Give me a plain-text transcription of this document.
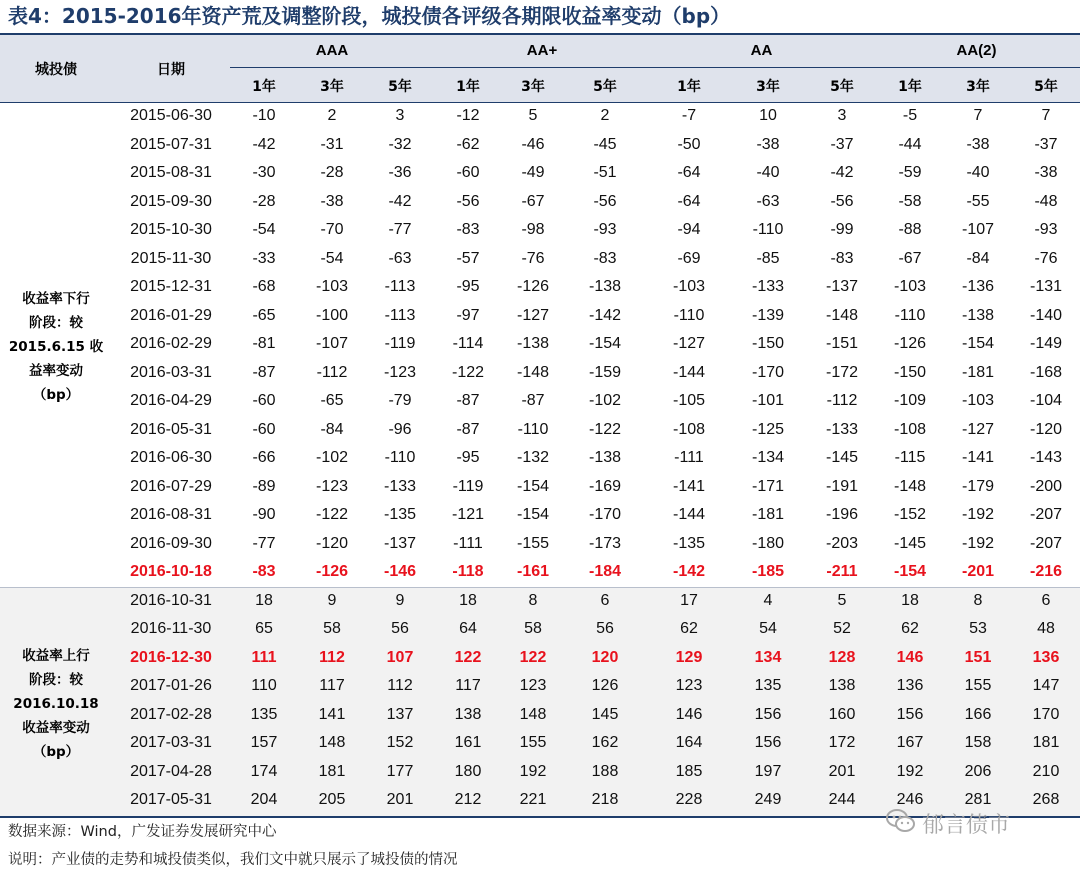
表4：2015-2016年资产荒及调整阶段，城投债各评级各期限收益率变动（bp）
城投债	日期
AAA	AA+	AA	AA(2)
1年	3年	5年	1年	3年	5年	1年	3年	5年	1年	3年	5年
收益率下行
阶段：较
2015.6.15 收
益率变动
（bp）
2015-06-30	-10	2	3	-12	5	2	-7	10	3	-5	7	7
2015-07-31	-42	-31	-32	-62	-46	-45	-50	-38	-37	-44	-38	-37
2015-08-31	-30	-28	-36	-60	-49	-51	-64	-40	-42	-59	-40	-38
2015-09-30	-28	-38	-42	-56	-67	-56	-64	-63	-56	-58	-55	-48
2015-10-30	-54	-70	-77	-83	-98	-93	-94	-110	-99	-88	-107	-93
2015-11-30	-33	-54	-63	-57	-76	-83	-69	-85	-83	-67	-84	-76
2015-12-31	-68	-103	-113	-95	-126	-138	-103	-133	-137	-103	-136	-131
2016-01-29	-65	-100	-113	-97	-127	-142	-110	-139	-148	-110	-138	-140
2016-02-29	-81	-107	-119	-114	-138	-154	-127	-150	-151	-126	-154	-149
2016-03-31	-87	-112	-123	-122	-148	-159	-144	-170	-172	-150	-181	-168
2016-04-29	-60	-65	-79	-87	-87	-102	-105	-101	-112	-109	-103	-104
2016-05-31	-60	-84	-96	-87	-110	-122	-108	-125	-133	-108	-127	-120
2016-06-30	-66	-102	-110	-95	-132	-138	-111	-134	-145	-115	-141	-143
2016-07-29	-89	-123	-133	-119	-154	-169	-141	-171	-191	-148	-179	-200
2016-08-31	-90	-122	-135	-121	-154	-170	-144	-181	-196	-152	-192	-207
2016-09-30	-77	-120	-137	-111	-155	-173	-135	-180	-203	-145	-192	-207
2016-10-18	-83	-126	-146	-118	-161	-184	-142	-185	-211	-154	-201	-216
收益率上行
阶段：较
2016.10.18
收益率变动
（bp）
2016-10-31	18	9	9	18	8	6	17	4	5	18	8	6
2016-11-30	65	58	56	64	58	56	62	54	52	62	53	48
2016-12-30	111	112	107	122	122	120	129	134	128	146	151	136
2017-01-26	110	117	112	117	123	126	123	135	138	136	155	147
2017-02-28	135	141	137	138	148	145	146	156	160	156	166	170
2017-03-31	157	148	152	161	155	162	164	156	172	167	158	181
2017-04-28	174	181	177	180	192	188	185	197	201	192	206	210
2017-05-31	204	205	201	212	221	218	228	249	244	246	281	268
数据来源：Wind，广发证券发展研究中心
说明：产业债的走势和城投债类似，我们文中就只展示了城投债的情况
郁言债市
